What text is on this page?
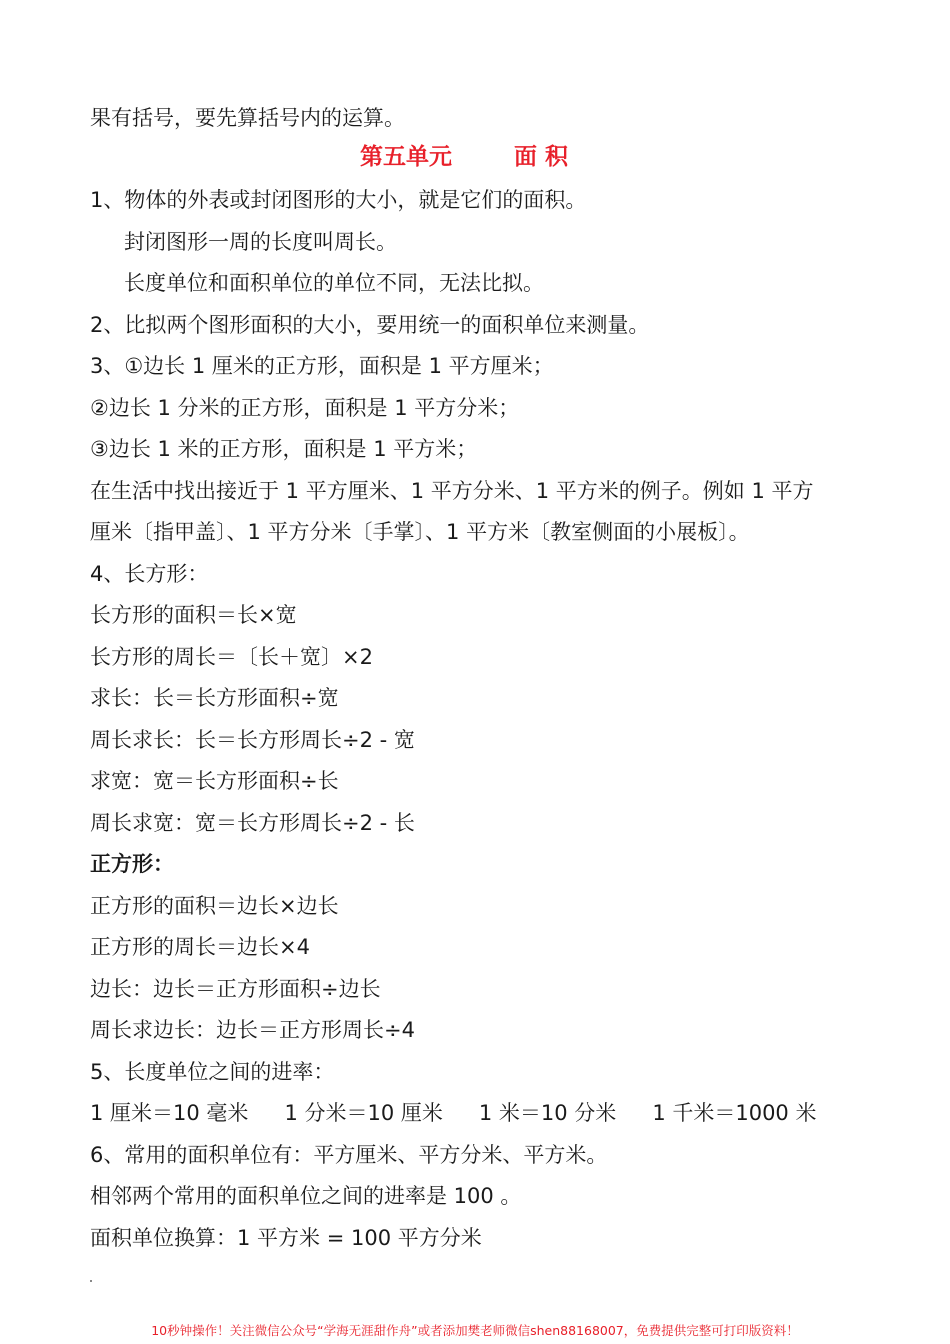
果有括号，要先算括号内的运算。
第五单元	面 积
1、物体的外表或封闭图形的大小，就是它们的面积。
封闭图形一周的长度叫周长。
长度单位和面积单位的单位不同，无法比拟。
2、比拟两个图形面积的大小，要用统一的面积单位来测量。
3、①边长 1 厘米的正方形，面积是 1 平方厘米；
②边长 1 分米的正方形，面积是 1 平方分米；
③边长 1 米的正方形，面积是 1 平方米；
在生活中找出接近于 1 平方厘米、1 平方分米、1 平方米的例子。例如 1 平方
厘米〔指甲盖〕、1 平方分米〔手掌〕、1 平方米〔教室侧面的小展板〕。
4、长方形：
长方形的面积＝长×宽
长方形的周长＝〔长＋宽〕×2
求长：长＝长方形面积÷宽
周长求长：长＝长方形周长÷2 - 宽
求宽：宽＝长方形面积÷长
周长求宽：宽＝长方形周长÷2 - 长
正方形：
正方形的面积＝边长×边长
正方形的周长＝边长×4
边长：边长＝正方形面积÷边长
周长求边长：边长＝正方形周长÷4
5、长度单位之间的进率：
1 厘米＝10 毫米 1 分米＝10 厘米 1 米＝10 分米 1 千米＝1000 米
6、常用的面积单位有：平方厘米、平方分米、平方米。
相邻两个常用的面积单位之间的进率是 100 。
面积单位换算：1 平方米 = 100 平方分米
10秒钟操作！关注微信公众号“学海无涯甜作舟”或者添加樊老师微信shen88168007，免费提供完整可打印版资料！
